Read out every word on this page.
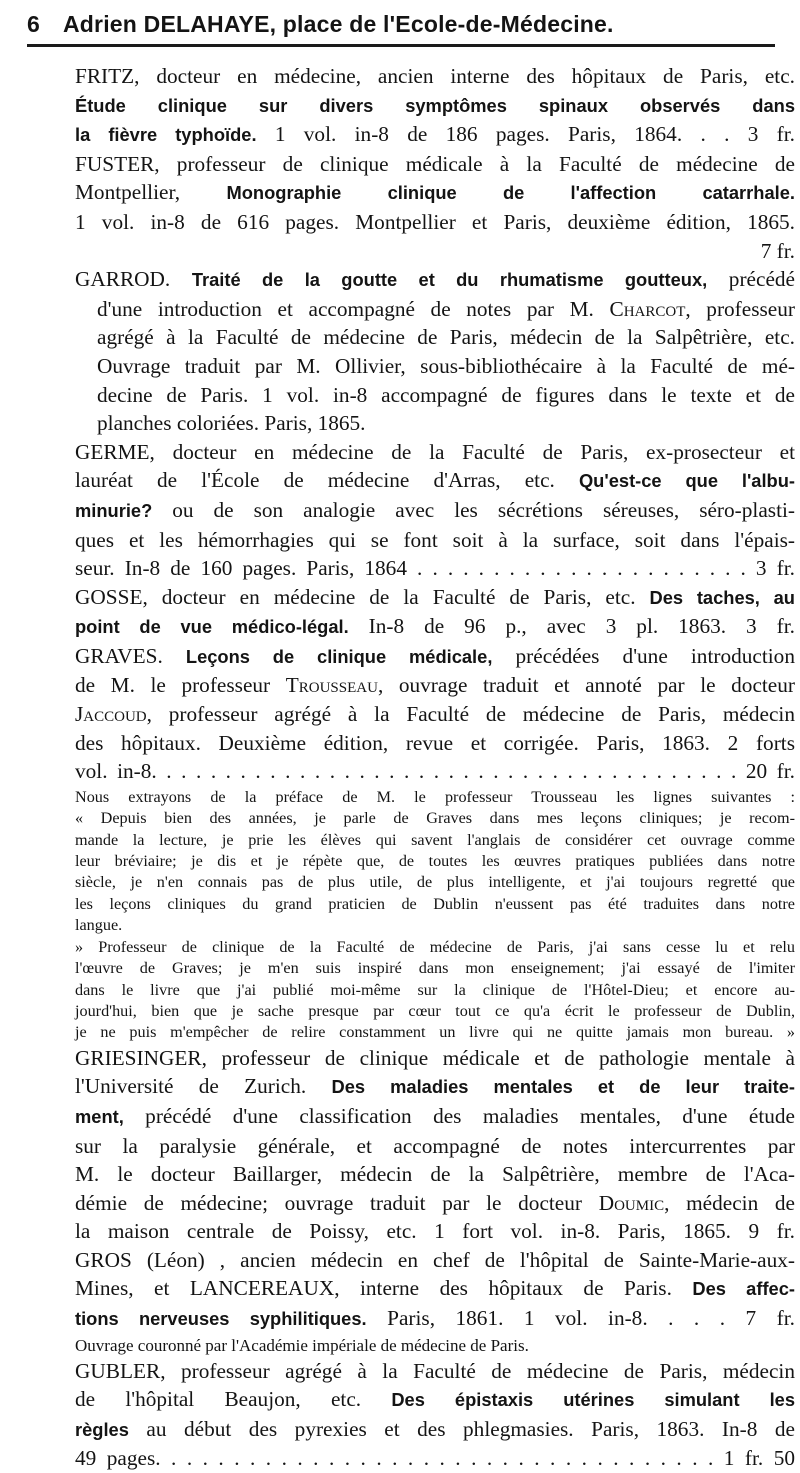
6 Adrien DELAHAYE, place de l'Ecole-de-Médecine.
FRITZ, docteur en médecine, ancien interne des hôpitaux de Paris, etc.
Étude clinique sur divers symptômes spinaux observés dans
la fièvre typhoïde. 1 vol. in-8 de 186 pages. Paris, 1864. . . 3 fr.
FUSTER, professeur de clinique médicale à la Faculté de médecine de
Montpellier, Monographie clinique de l'affection catarrhale.
1 vol. in-8 de 616 pages. Montpellier et Paris, deuxième édition, 1865.
7 fr.
GARROD. Traité de la goutte et du rhumatisme goutteux, précédé
d'une introduction et accompagné de notes par M. Charcot, professeur
agrégé à la Faculté de médecine de Paris, médecin de la Salpêtrière, etc.
Ouvrage traduit par M. Ollivier, sous-bibliothécaire à la Faculté de mé-
decine de Paris. 1 vol. in-8 accompagné de figures dans le texte et de
planches coloriées. Paris, 1865.
GERME, docteur en médecine de la Faculté de Paris, ex-prosecteur et
lauréat de l'École de médecine d'Arras, etc. Qu'est-ce que l'albu-
minurie? ou de son analogie avec les sécrétions séreuses, séro-plasti-
ques et les hémorrhagies qui se font soit à la surface, soit dans l'épais-
seur. In-8 de 160 pages. Paris, 1864 . . . . . . . . . . . . . . . . . . . . . . 3 fr.
GOSSE, docteur en médecine de la Faculté de Paris, etc. Des taches, au
point de vue médico-légal. In-8 de 96 p., avec 3 pl. 1863. 3 fr.
GRAVES. Leçons de clinique médicale, précédées d'une introduction
de M. le professeur Trousseau, ouvrage traduit et annoté par le docteur
Jaccoud, professeur agrégé à la Faculté de médecine de Paris, médecin
des hôpitaux. Deuxième édition, revue et corrigée. Paris, 1863. 2 forts
vol. in-8. . . . . . . . . . . . . . . . . . . . . . . . . . . . . . . . . . . . . . . . 20 fr.
Nous extrayons de la préface de M. le professeur Trousseau les lignes suivantes :
« Depuis bien des années, je parle de Graves dans mes leçons cliniques; je recom-
mande la lecture, je prie les élèves qui savent l'anglais de considérer cet ouvrage comme
leur bréviaire; je dis et je répète que, de toutes les œuvres pratiques publiées dans notre
siècle, je n'en connais pas de plus utile, de plus intelligente, et j'ai toujours regretté que
les leçons cliniques du grand praticien de Dublin n'eussent pas été traduites dans notre
langue.
» Professeur de clinique de la Faculté de médecine de Paris, j'ai sans cesse lu et relu
l'œuvre de Graves; je m'en suis inspiré dans mon enseignement; j'ai essayé de l'imiter
dans le livre que j'ai publié moi-même sur la clinique de l'Hôtel-Dieu; et encore au-
jourd'hui, bien que je sache presque par cœur tout ce qu'a écrit le professeur de Dublin,
je ne puis m'empêcher de relire constamment un livre qui ne quitte jamais mon bureau. »
GRIESINGER, professeur de clinique médicale et de pathologie mentale à
l'Université de Zurich. Des maladies mentales et de leur traite-
ment, précédé d'une classification des maladies mentales, d'une étude
sur la paralysie générale, et accompagné de notes intercurrentes par
M. le docteur Baillarger, médecin de la Salpêtrière, membre de l'Aca-
démie de médecine; ouvrage traduit par le docteur Doumic, médecin de
la maison centrale de Poissy, etc. 1 fort vol. in-8. Paris, 1865. 9 fr.
GROS (Léon) , ancien médecin en chef de l'hôpital de Sainte-Marie-aux-
Mines, et LANCEREAUX, interne des hôpitaux de Paris. Des affec-
tions nerveuses syphilitiques. Paris, 1861. 1 vol. in-8. . . . 7 fr.
Ouvrage couronné par l'Académie impériale de médecine de Paris.
GUBLER, professeur agrégé à la Faculté de médecine de Paris, médecin
de l'hôpital Beaujon, etc. Des épistaxis utérines simulant les
règles au début des pyrexies et des phlegmasies. Paris, 1863. In-8 de
49 pages. . . . . . . . . . . . . . . . . . . . . . . . . . . . . . . . . . . . 1 fr. 50
